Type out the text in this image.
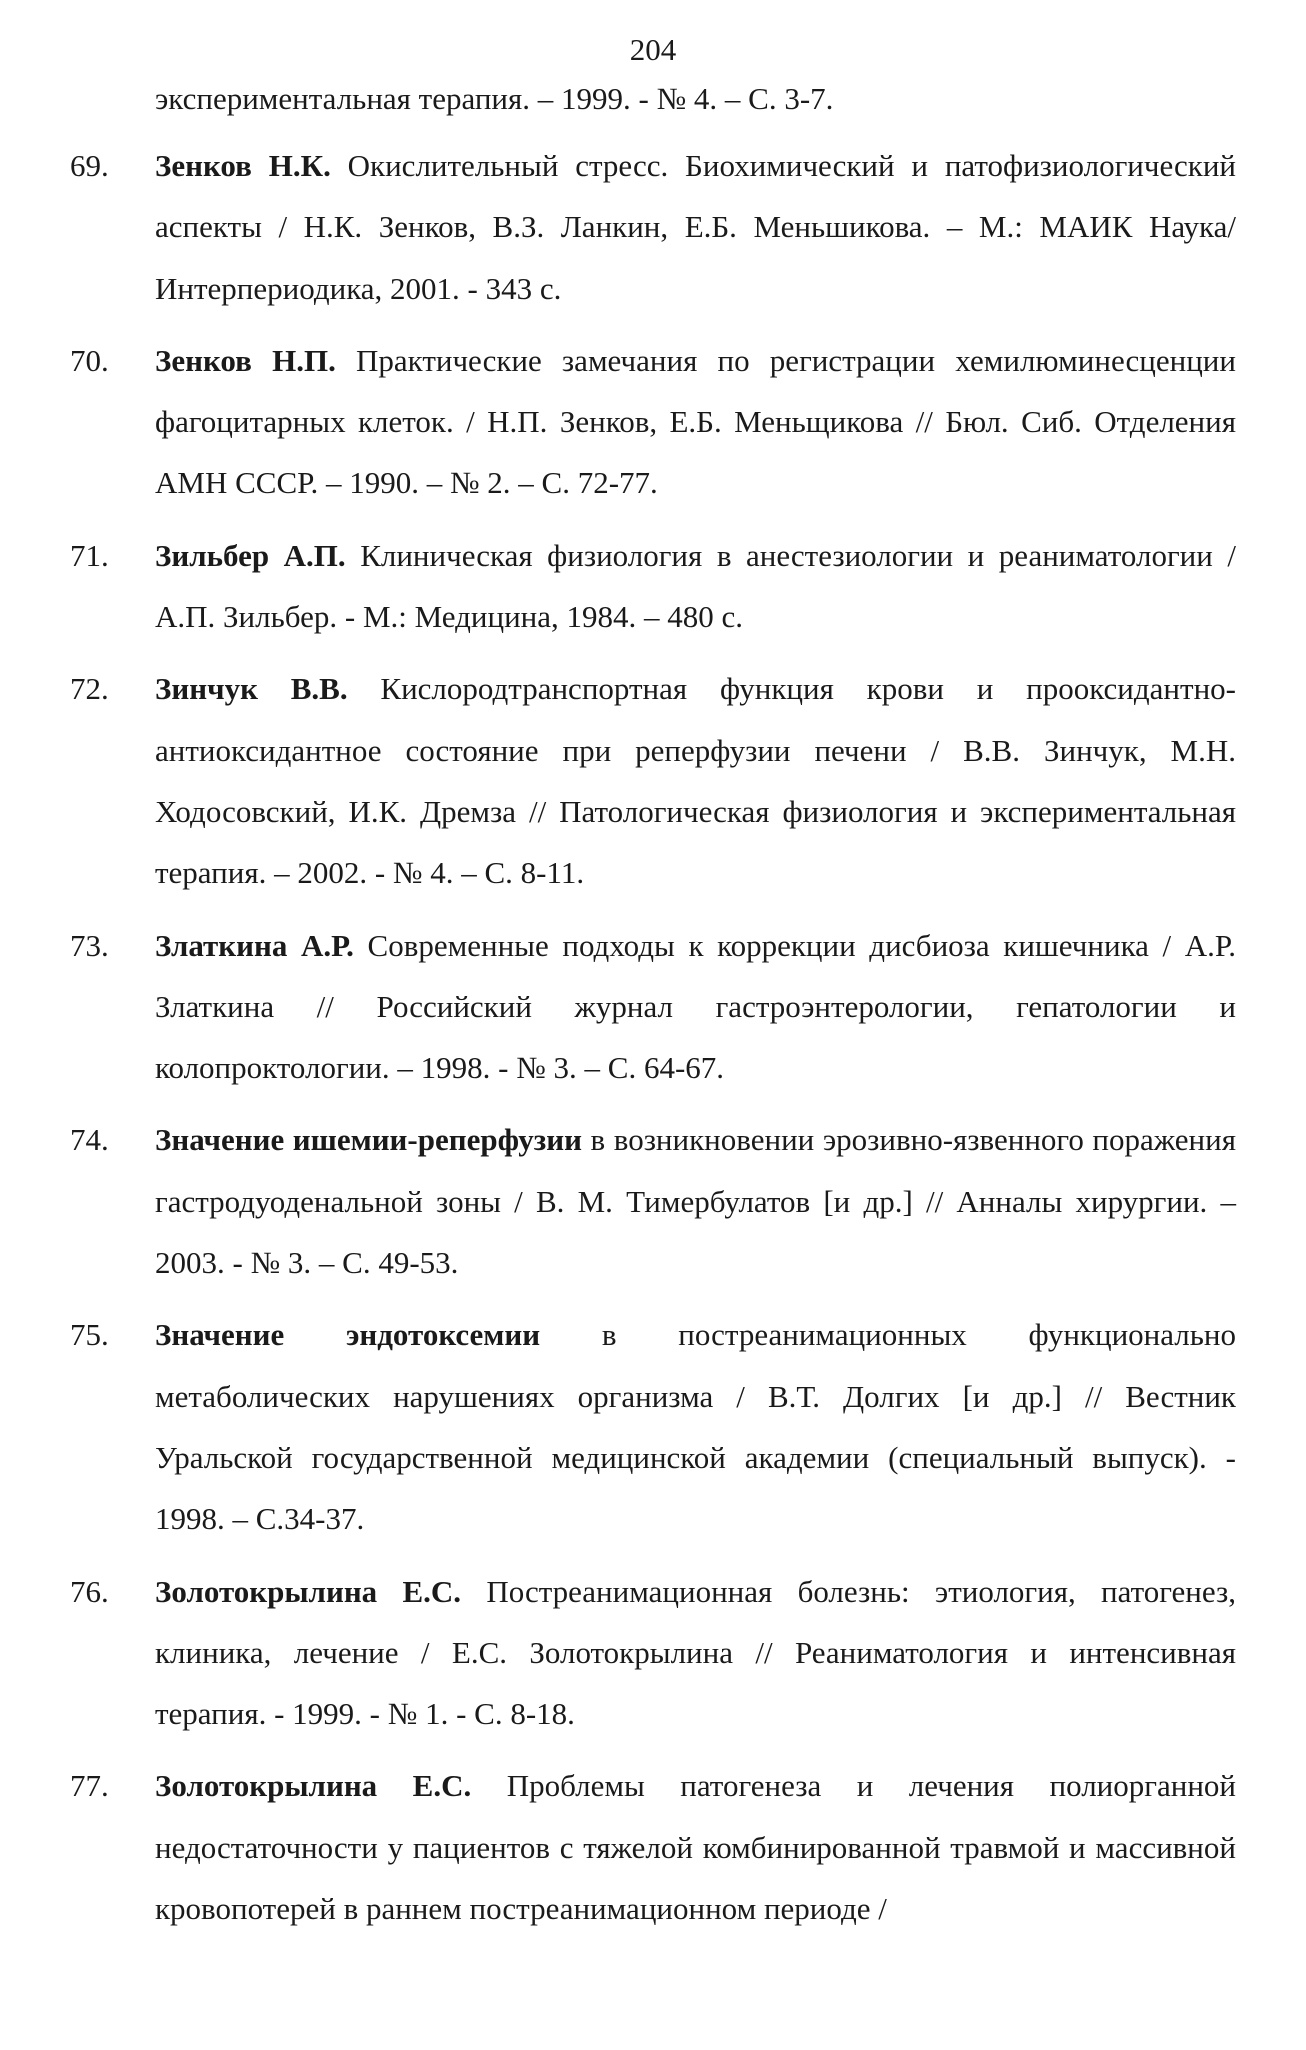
204
экспериментальная терапия. – 1999. - № 4. – С. 3-7.
69.	Зенков Н.К. Окислительный стресс. Биохимический и патофизиологический аспекты / Н.К. Зенков, В.З. Ланкин, Е.Б. Меньшикова. – М.: МАИК Наука/Интерпериодика, 2001. - 343 с.
70.	Зенков Н.П. Практические замечания по регистрации хемилюминесценции фагоцитарных клеток. / Н.П. Зенков, Е.Б. Меньщикова // Бюл. Сиб. Отделения АМН СССР. – 1990. – № 2. – С. 72-77.
71.	Зильбер А.П. Клиническая физиология в анестезиологии и реаниматологии / А.П. Зильбер. - М.: Медицина, 1984. – 480 с.
72.	Зинчук В.В. Кислородтранспортная функция крови и прооксидантно-антиоксидантное состояние при реперфузии печени / В.В. Зинчук, М.Н. Ходосовский, И.К. Дремза // Патологическая физиология и экспериментальная терапия. – 2002. - № 4. – С. 8-11.
73.	Златкина А.Р. Современные подходы к коррекции дисбиоза кишечника / А.Р. Златкина // Российский журнал гастроэнтерологии, гепатологии и колопроктологии. – 1998. - № 3. – С. 64-67.
74.	Значение ишемии-реперфузии в возникновении эрозивно-язвенного поражения гастродуоденальной зоны / В. М. Тимербулатов [и др.] // Анналы хирургии. – 2003. - № 3. – С. 49-53.
75.	Значение эндотоксемии в постреанимационных функционально метаболических нарушениях организма / В.Т. Долгих [и др.] // Вестник Уральской государственной медицинской академии (специальный выпуск). - 1998. – С.34-37.
76.	Золотокрылина Е.С. Постреанимационная болезнь: этиология, патогенез, клиника, лечение / Е.С. Золотокрылина // Реаниматология и интенсивная терапия. - 1999. - № 1. - С. 8-18.
77.	Золотокрылина Е.С. Проблемы патогенеза и лечения полиорганной недостаточности у пациентов с тяжелой комбинированной травмой и массивной кровопотерей в раннем постреанимационном периоде /
